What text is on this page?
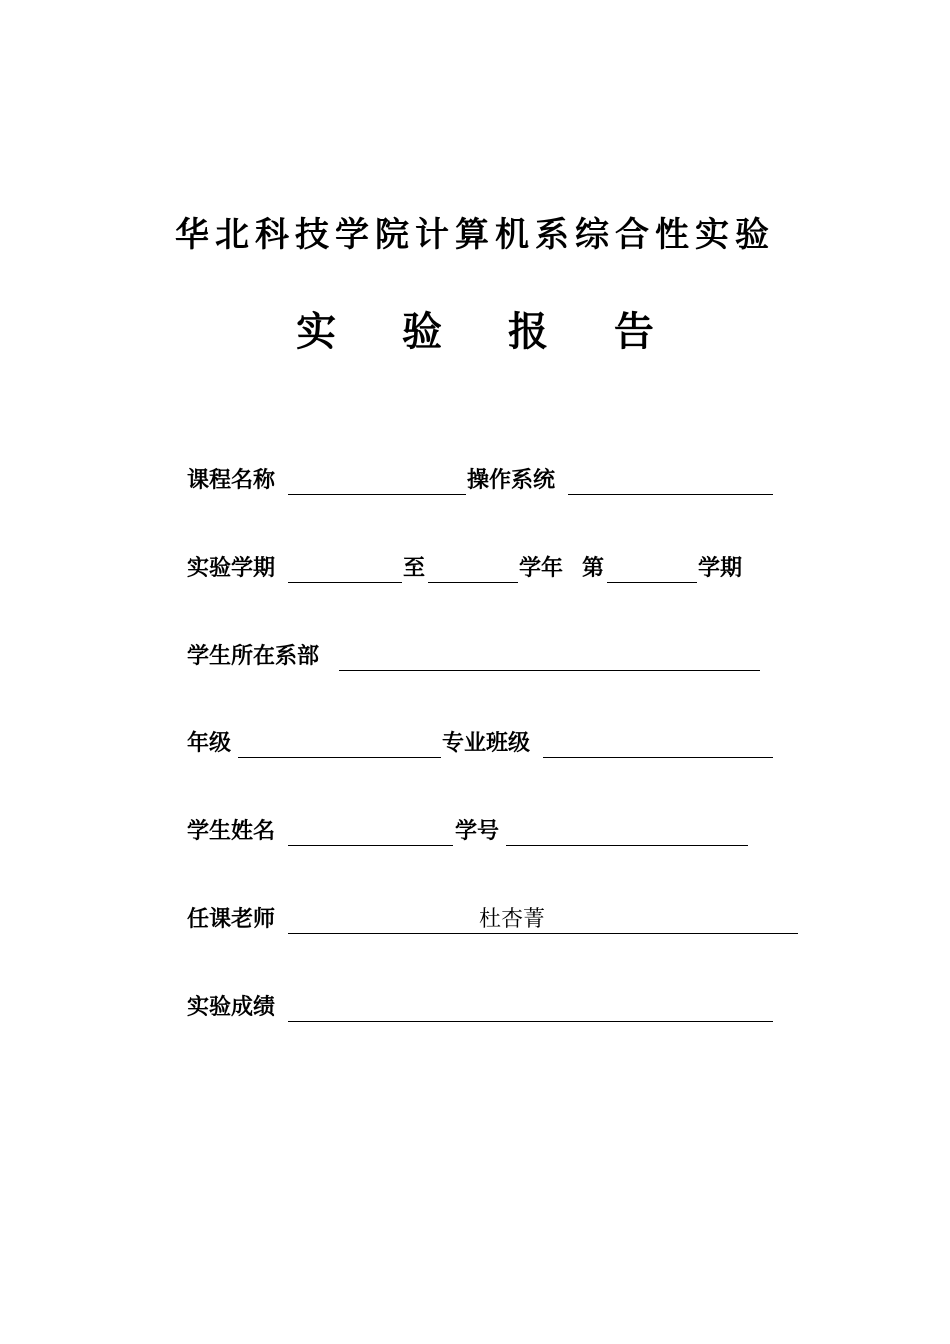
华北科技学院计算机系综合性实验
实 验 报 告
课程名称	操作系统
实验学期	至	学年 第	学期
学生所在系部
年级	专业班级
学生姓名	学号
任课老师	杜杏菁
实验成绩
